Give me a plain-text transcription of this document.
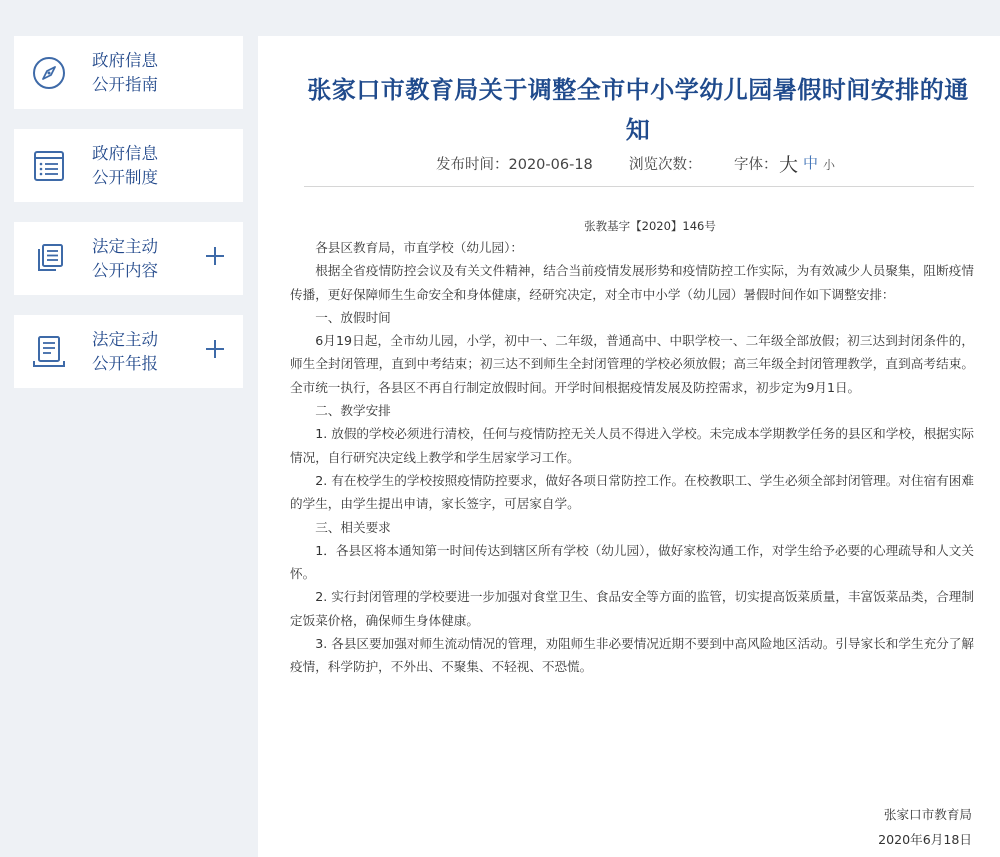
政府信息
公开指南
政府信息
公开制度
法定主动
公开内容
法定主动
公开年报
张家口市教育局关于调整全市中小学幼儿园暑假时间安排的通知
发布时间：2020-06-18 浏览次数： 字体： 大 中 小
张教基字【2020】146号

各县区教育局，市直学校（幼儿园）：

根据全省疫情防控会议及有关文件精神，结合当前疫情发展形势和疫情防控工作实际，为有效减少人员聚集，阻断疫情传播，更好保障师生生命安全和身体健康，经研究决定，对全市中小学（幼儿园）暑假时间作如下调整安排：

一、放假时间

6月19日起，全市幼儿园，小学，初中一、二年级，普通高中、中职学校一、二年级全部放假；初三达到封闭条件的，师生全封闭管理，直到中考结束；初三达不到师生全封闭管理的学校必须放假；高三年级全封闭管理教学，直到高考结束。全市统一执行，各县区不再自行制定放假时间。开学时间根据疫情发展及防控需求，初步定为9月1日。

二、教学安排

1. 放假的学校必须进行清校，任何与疫情防控无关人员不得进入学校。未完成本学期教学任务的县区和学校，根据实际情况，自行研究决定线上教学和学生居家学习工作。

2. 有在校学生的学校按照疫情防控要求，做好各项日常防控工作。在校教职工、学生必须全部封闭管理。对住宿有困难的学生，由学生提出申请，家长签字，可居家自学。

三、相关要求

1．各县区将本通知第一时间传达到辖区所有学校（幼儿园），做好家校沟通工作，对学生给予必要的心理疏导和人文关怀。

2. 实行封闭管理的学校要进一步加强对食堂卫生、食品安全等方面的监管，切实提高饭菜质量，丰富饭菜品类，合理制定饭菜价格，确保师生身体健康。

3. 各县区要加强对师生流动情况的管理，劝阻师生非必要情况近期不要到中高风险地区活动。引导家长和学生充分了解疫情，科学防护，不外出、不聚集、不轻视、不恐慌。

张家口市教育局
2020年6月18日
